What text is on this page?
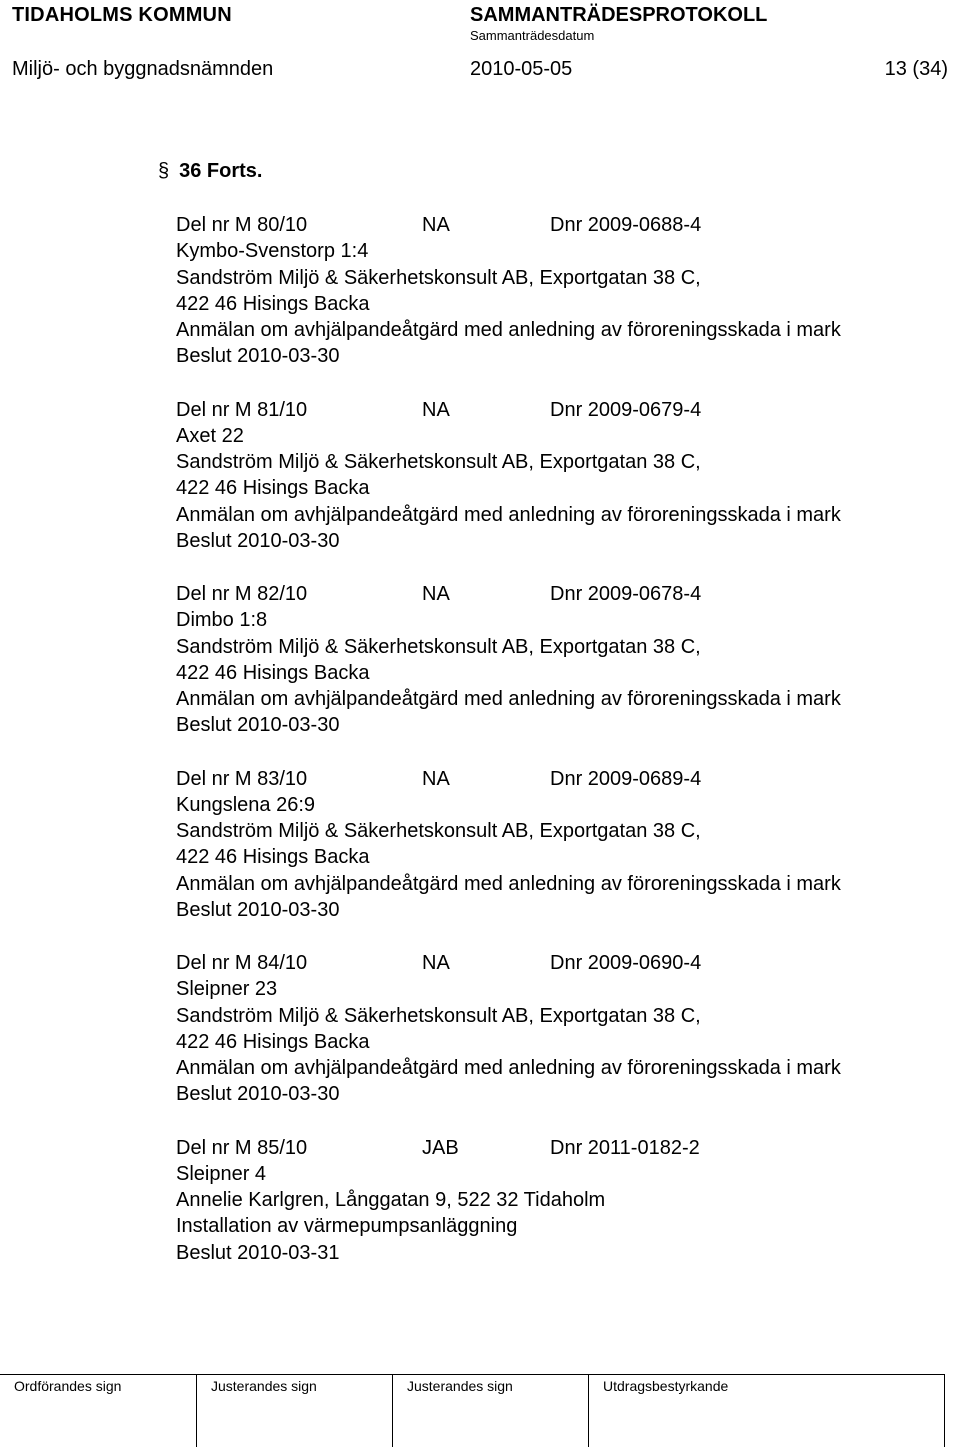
TIDAHOLMS KOMMUN	SAMMANTRÄDESPROTOKOLL
Sammanträdesdatum
Miljö- och byggnadsnämnden	2010-05-05	13 (34)
§ 36 Forts.
Del nr M 80/10	NA	Dnr 2009-0688-4
Kymbo-Svenstorp 1:4
Sandström Miljö & Säkerhetskonsult AB, Exportgatan 38 C,
422 46 Hisings Backa
Anmälan om avhjälpandeåtgärd med anledning av föroreningsskada i mark
Beslut 2010-03-30
Del nr M 81/10	NA	Dnr 2009-0679-4
Axet 22
Sandström Miljö & Säkerhetskonsult AB, Exportgatan 38 C,
422 46 Hisings Backa
Anmälan om avhjälpandeåtgärd med anledning av föroreningsskada i mark
Beslut 2010-03-30
Del nr M 82/10	NA	Dnr 2009-0678-4
Dimbo 1:8
Sandström Miljö & Säkerhetskonsult AB, Exportgatan 38 C,
422 46 Hisings Backa
Anmälan om avhjälpandeåtgärd med anledning av föroreningsskada i mark
Beslut 2010-03-30
Del nr M 83/10	NA	Dnr 2009-0689-4
Kungslena 26:9
Sandström Miljö & Säkerhetskonsult AB, Exportgatan 38 C,
422 46 Hisings Backa
Anmälan om avhjälpandeåtgärd med anledning av föroreningsskada i mark
Beslut 2010-03-30
Del nr M 84/10	NA	Dnr 2009-0690-4
Sleipner 23
Sandström Miljö & Säkerhetskonsult AB, Exportgatan 38 C,
422 46 Hisings Backa
Anmälan om avhjälpandeåtgärd med anledning av föroreningsskada i mark
Beslut 2010-03-30
Del nr M 85/10	JAB	Dnr 2011-0182-2
Sleipner 4
Annelie Karlgren, Långgatan 9, 522 32 Tidaholm
Installation av värmepumpsanläggning
Beslut 2010-03-31
Ordförandes sign	Justerandes sign	Justerandes sign	Utdragsbestyrkande
